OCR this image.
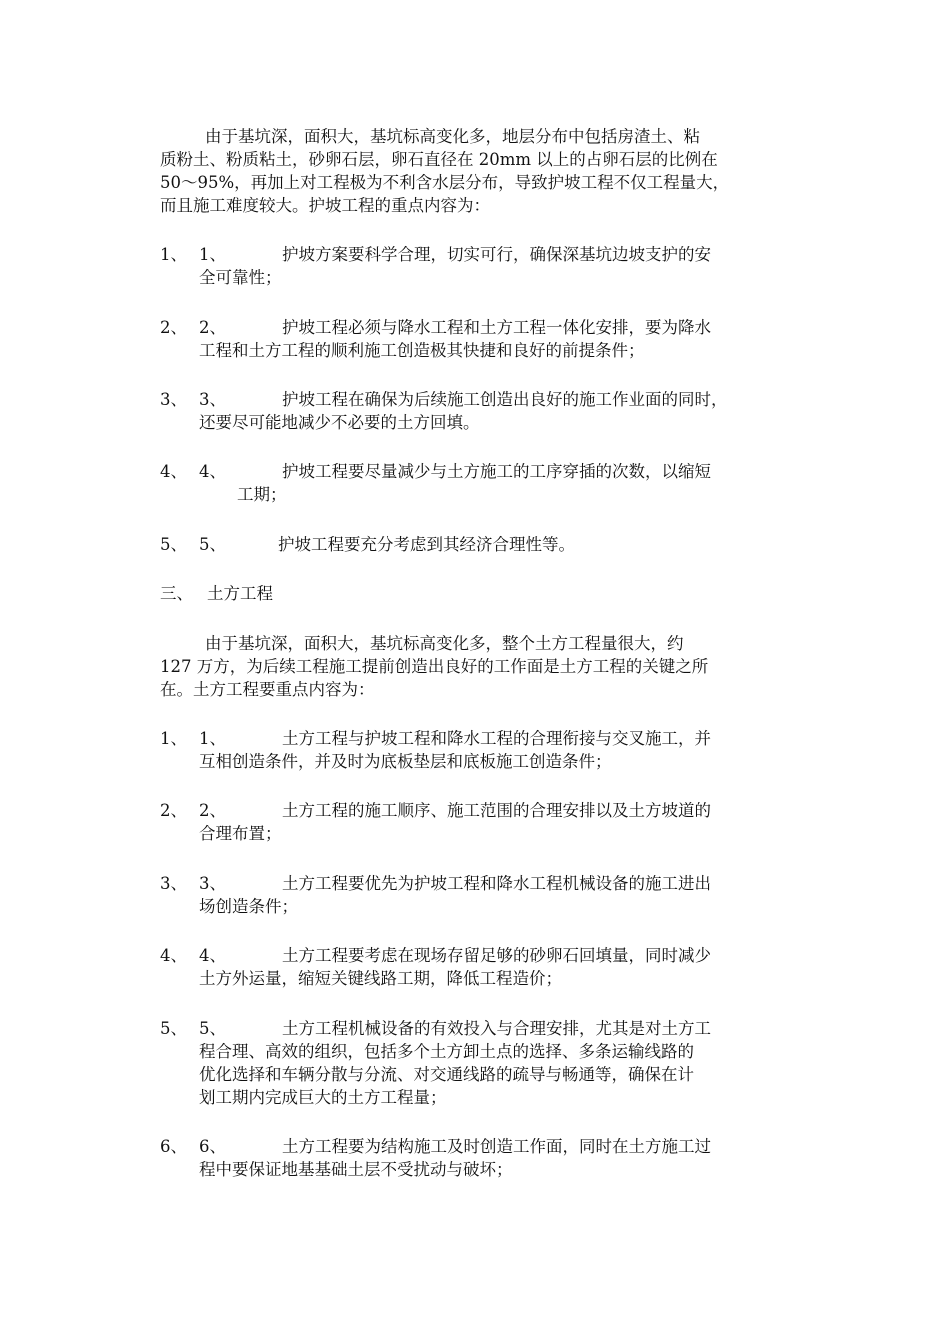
由于基坑深，面积大，基坑标高变化多，地层分布中包括房渣土、粘
质粉土、粉质粘土，砂卵石层，卵石直径在 20mm 以上的占卵石层的比例在
50～95%，再加上对工程极为不利含水层分布，导致护坡工程不仅工程量大，
而且施工难度较大。护坡工程的重点内容为：
1、 1、	护坡方案要科学合理，切实可行，确保深基坑边坡支护的安
全可靠性；
2、 2、	护坡工程必须与降水工程和土方工程一体化安排，要为降水
工程和土方工程的顺利施工创造极其快捷和良好的前提条件；
3、 3、	护坡工程在确保为后续施工创造出良好的施工作业面的同时，
还要尽可能地减少不必要的土方回填。
4、 4、	护坡工程要尽量减少与土方施工的工序穿插的次数，以缩短
工期；
5、 5、	护坡工程要充分考虑到其经济合理性等。
三、 土方工程
由于基坑深，面积大，基坑标高变化多，整个土方工程量很大，约
127 万方，为后续工程施工提前创造出良好的工作面是土方工程的关键之所
在。土方工程要重点内容为：
1、 1、	土方工程与护坡工程和降水工程的合理衔接与交叉施工，并
互相创造条件，并及时为底板垫层和底板施工创造条件；
2、 2、	土方工程的施工顺序、施工范围的合理安排以及土方坡道的
合理布置；
3、 3、	土方工程要优先为护坡工程和降水工程机械设备的施工进出
场创造条件；
4、 4、	土方工程要考虑在现场存留足够的砂卵石回填量，同时减少
土方外运量，缩短关键线路工期，降低工程造价；
5、 5、	土方工程机械设备的有效投入与合理安排，尤其是对土方工
程合理、高效的组织，包括多个土方卸土点的选择、多条运输线路的
优化选择和车辆分散与分流、对交通线路的疏导与畅通等，确保在计
划工期内完成巨大的土方工程量；
6、 6、	土方工程要为结构施工及时创造工作面，同时在土方施工过
程中要保证地基基础土层不受扰动与破坏；
